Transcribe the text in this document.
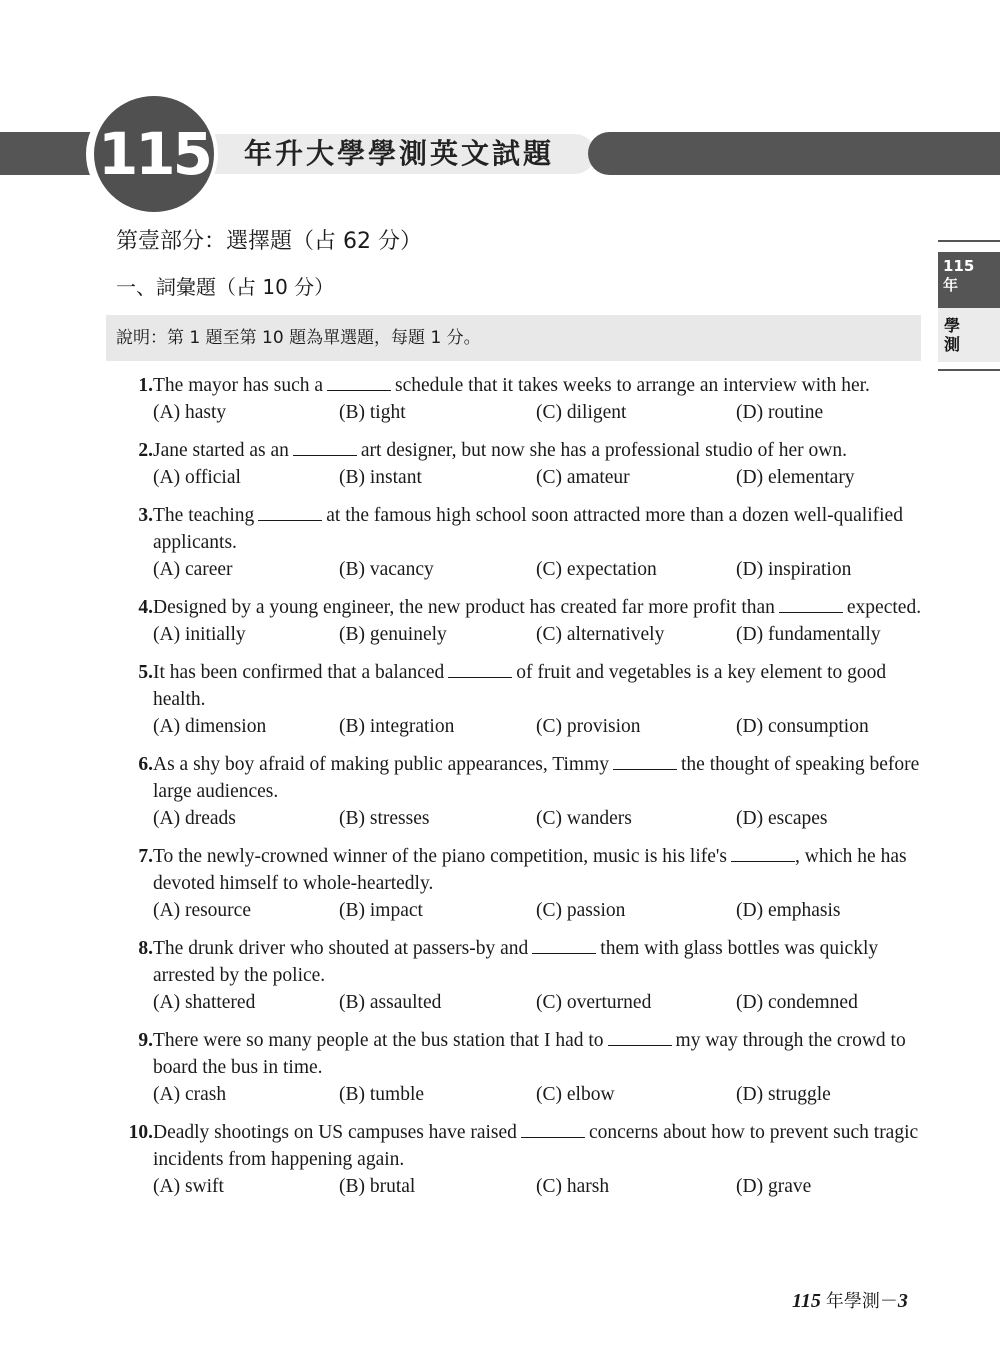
115 年升大學學測英文試題
115
年
學
測
第壹部分：選擇題（占 62 分）
一、詞彙題（占 10 分）
說明：第 1 題至第 10 題為單選題，每題 1 分。
1. The mayor has such a	schedule that it takes weeks to arrange an interview with her.
(A) hasty	(B) tight	(C) diligent	(D) routine
2. Jane started as an	art designer, but now she has a professional studio of her own.
(A) official	(B) instant	(C) amateur	(D) elementary
3. The teaching	at the famous high school soon attracted more than a dozen well-qualified applicants.
(A) career	(B) vacancy	(C) expectation	(D) inspiration
4. Designed by a young engineer, the new product has created far more profit than	expected.
(A) initially	(B) genuinely	(C) alternatively	(D) fundamentally
5. It has been confirmed that a balanced	of fruit and vegetables is a key element to good health.
(A) dimension	(B) integration	(C) provision	(D) consumption
6. As a shy boy afraid of making public appearances, Timmy	the thought of speaking before large audiences.
(A) dreads	(B) stresses	(C) wanders	(D) escapes
7. To the newly-crowned winner of the piano competition, music is his life's	, which he has devoted himself to whole-heartedly.
(A) resource	(B) impact	(C) passion	(D) emphasis
8. The drunk driver who shouted at passers-by and	them with glass bottles was quickly arrested by the police.
(A) shattered	(B) assaulted	(C) overturned	(D) condemned
9. There were so many people at the bus station that I had to	my way through the crowd to board the bus in time.
(A) crash	(B) tumble	(C) elbow	(D) struggle
10. Deadly shootings on US campuses have raised	concerns about how to prevent such tragic incidents from happening again.
(A) swift	(B) brutal	(C) harsh	(D) grave
115 年學測－3
